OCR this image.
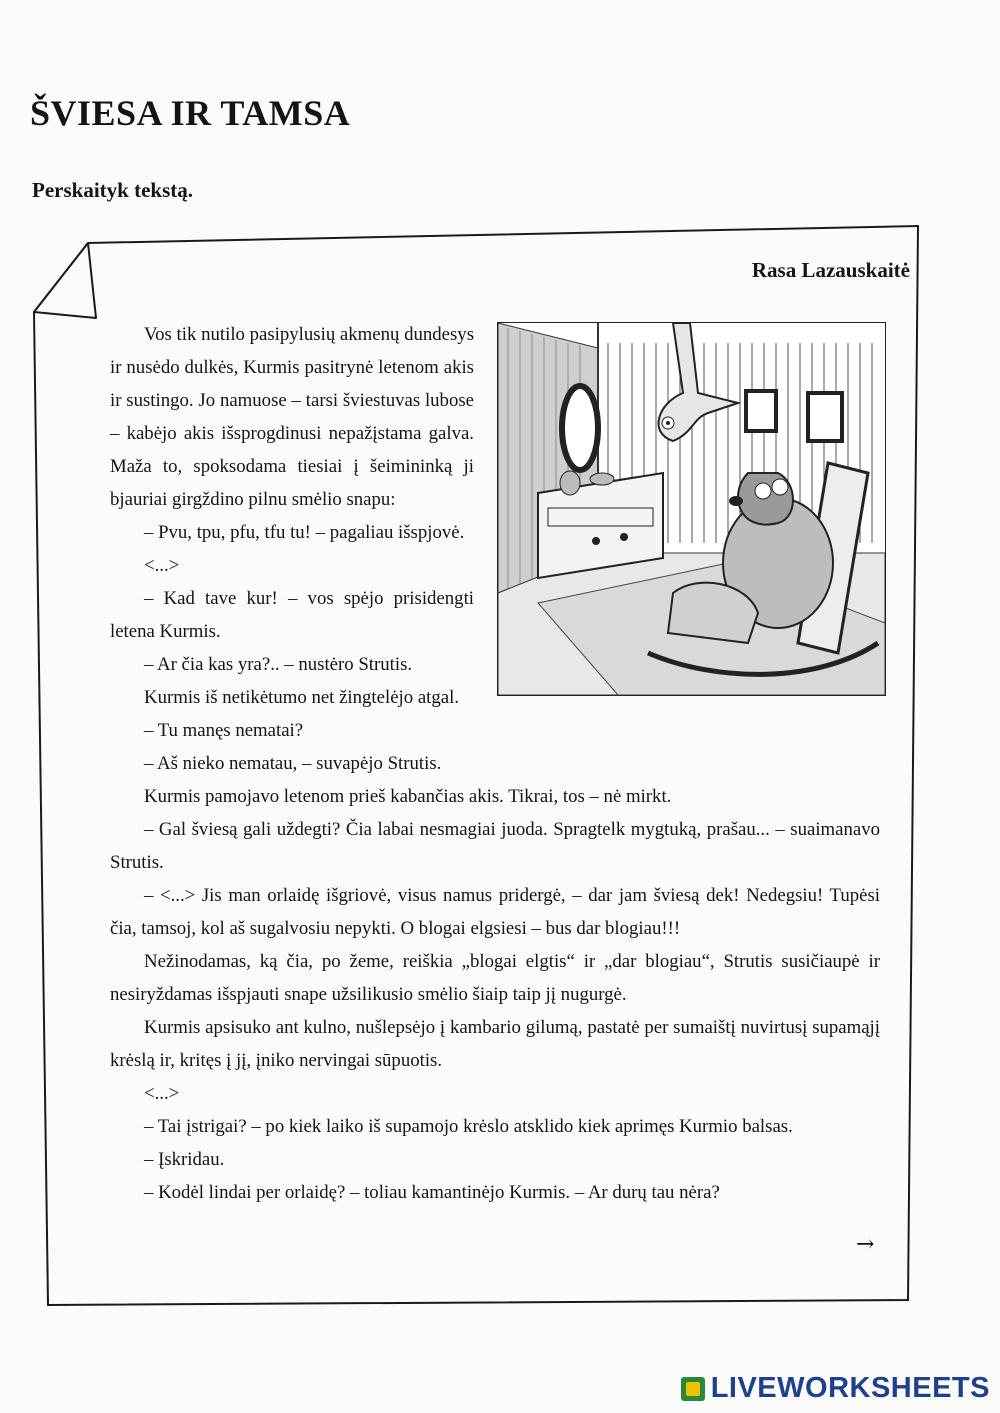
ŠVIESA IR TAMSA
Perskaityk tekstą.
Rasa Lazauskaitė

Vos tik nutilo pasipylusių akmenų dundesys ir nusėdo dulkės, Kurmis pasitrynė letenom akis ir sustingo. Jo namuose – tarsi šviestuvas lubose – kabėjo akis išsprogdinusi nepažįstama galva. Maža to, spoksodama tiesiai į šeimininką ji bjauriai girgždino pilnu smėlio snapu:

– Pvu, tpu, pfu, tfu tu! – pagaliau išspjovė.

<...>

– Kad tave kur! – vos spėjo prisidengti letena Kurmis.

– Ar čia kas yra?.. – nustėro Strutis.

Kurmis iš netikėtumo net žingtelėjo atgal.

– Tu manęs nematai?

– Aš nieko nematau, – suvapėjo Strutis.

Kurmis pamojavo letenom prieš kabančias akis. Tikrai, tos – nė mirkt.

– Gal šviesą gali uždegti? Čia labai nesmagiai juoda. Spragtelk mygtuką, prašau... – suaimanavo Strutis.

– <...> Jis man orlaidę išgriovė, visus namus pridergė, – dar jam šviesą dek! Nedegsiu! Tupėsi čia, tamsoj, kol aš sugalvosiu nepykti. O blogai elgsiesi – bus dar blogiau!!!

Nežinodamas, ką čia, po žeme, reiškia „blogai elgtis“ ir „dar blogiau“, Strutis susičiaupė ir nesiryždamas išspjauti snape užsilikusio smėlio šiaip taip jį nugurgė.

Kurmis apsisuko ant kulno, nušlepsėjo į kambario gilumą, pastatė per sumaištį nuvirtusį supamąjį krėslą ir, kritęs į jį, įniko nervingai sūpuotis.

<...>

– Tai įstrigai? – po kiek laiko iš supamojo krėslo atsklido kiek aprimęs Kurmio balsas.

– Įskridau.

– Kodėl lindai per orlaidę? – toliau kamantinėjo Kurmis. – Ar durų tau nėra?

→
LIVEWORKSHEETS
